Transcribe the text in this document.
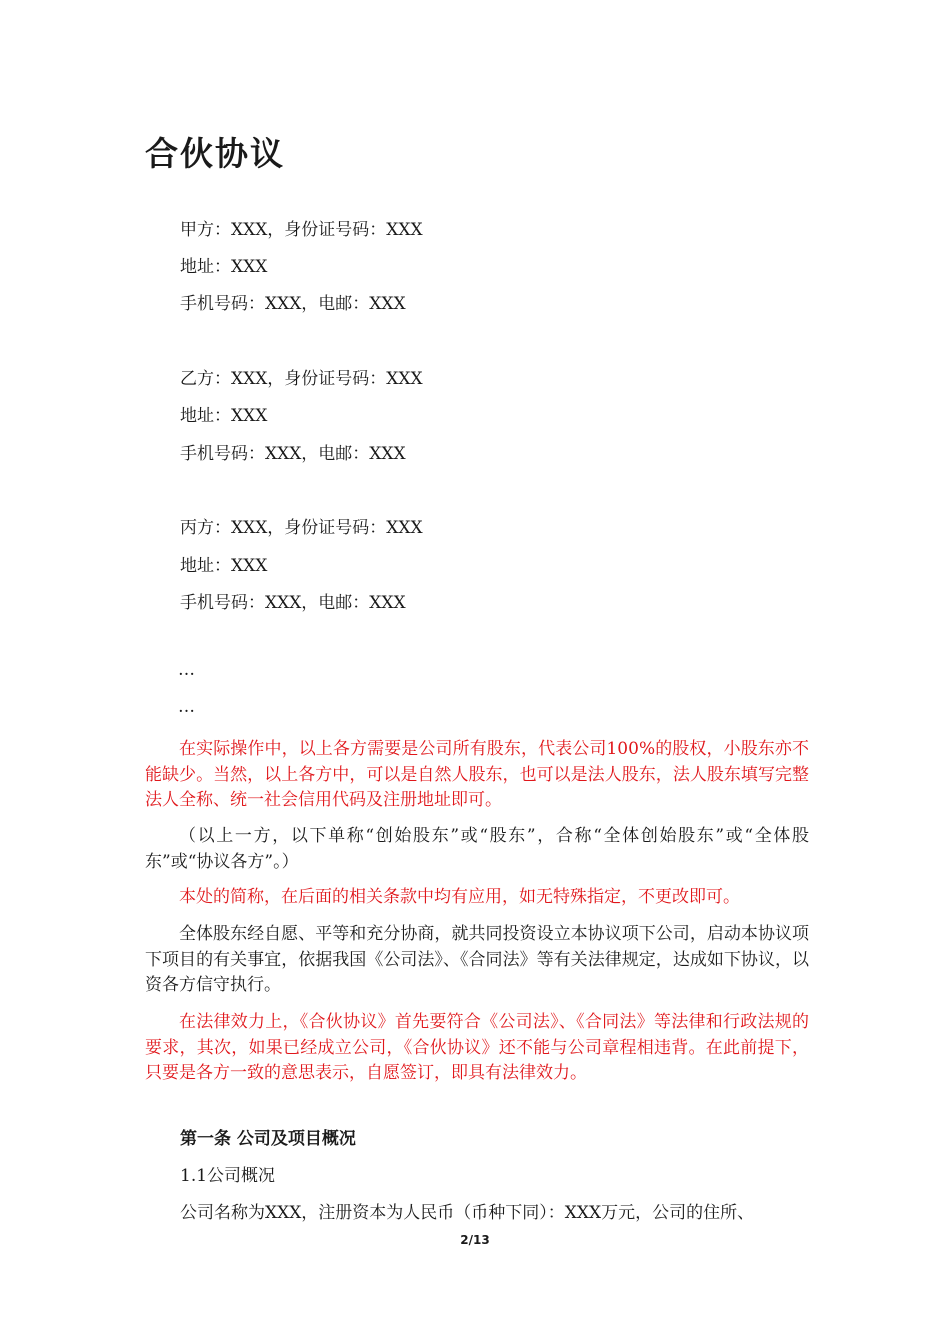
合伙协议

甲方：XXX，身份证号码：XXX

地址：XXX

手机号码：XXX，电邮：XXX

乙方：XXX，身份证号码：XXX

地址：XXX

手机号码：XXX，电邮：XXX

丙方：XXX，身份证号码：XXX

地址：XXX

手机号码：XXX，电邮：XXX

…

…

在实际操作中，以上各方需要是公司所有股东，代表公司100%的股权，小股东亦不能缺少。当然，以上各方中，可以是自然人股东，也可以是法人股东，法人股东填写完整法人全称、统一社会信用代码及注册地址即可。

（以上一方，以下单称“创始股东”或“股东”，合称“全体创始股东”或“全体股东”或“协议各方”。）

本处的简称，在后面的相关条款中均有应用，如无特殊指定，不更改即可。

全体股东经自愿、平等和充分协商，就共同投资设立本协议项下公司，启动本协议项下项目的有关事宜，依据我国《公司法》、《合同法》等有关法律规定，达成如下协议，以资各方信守执行。

在法律效力上，《合伙协议》首先要符合《公司法》、《合同法》等法律和行政法规的要求，其次，如果已经成立公司，《合伙协议》还不能与公司章程相违背。在此前提下，只要是各方一致的意思表示，自愿签订，即具有法律效力。

第一条 公司及项目概况

1.1公司概况

公司名称为XXX，注册资本为人民币（币种下同）：XXX万元，公司的住所、

2/13
